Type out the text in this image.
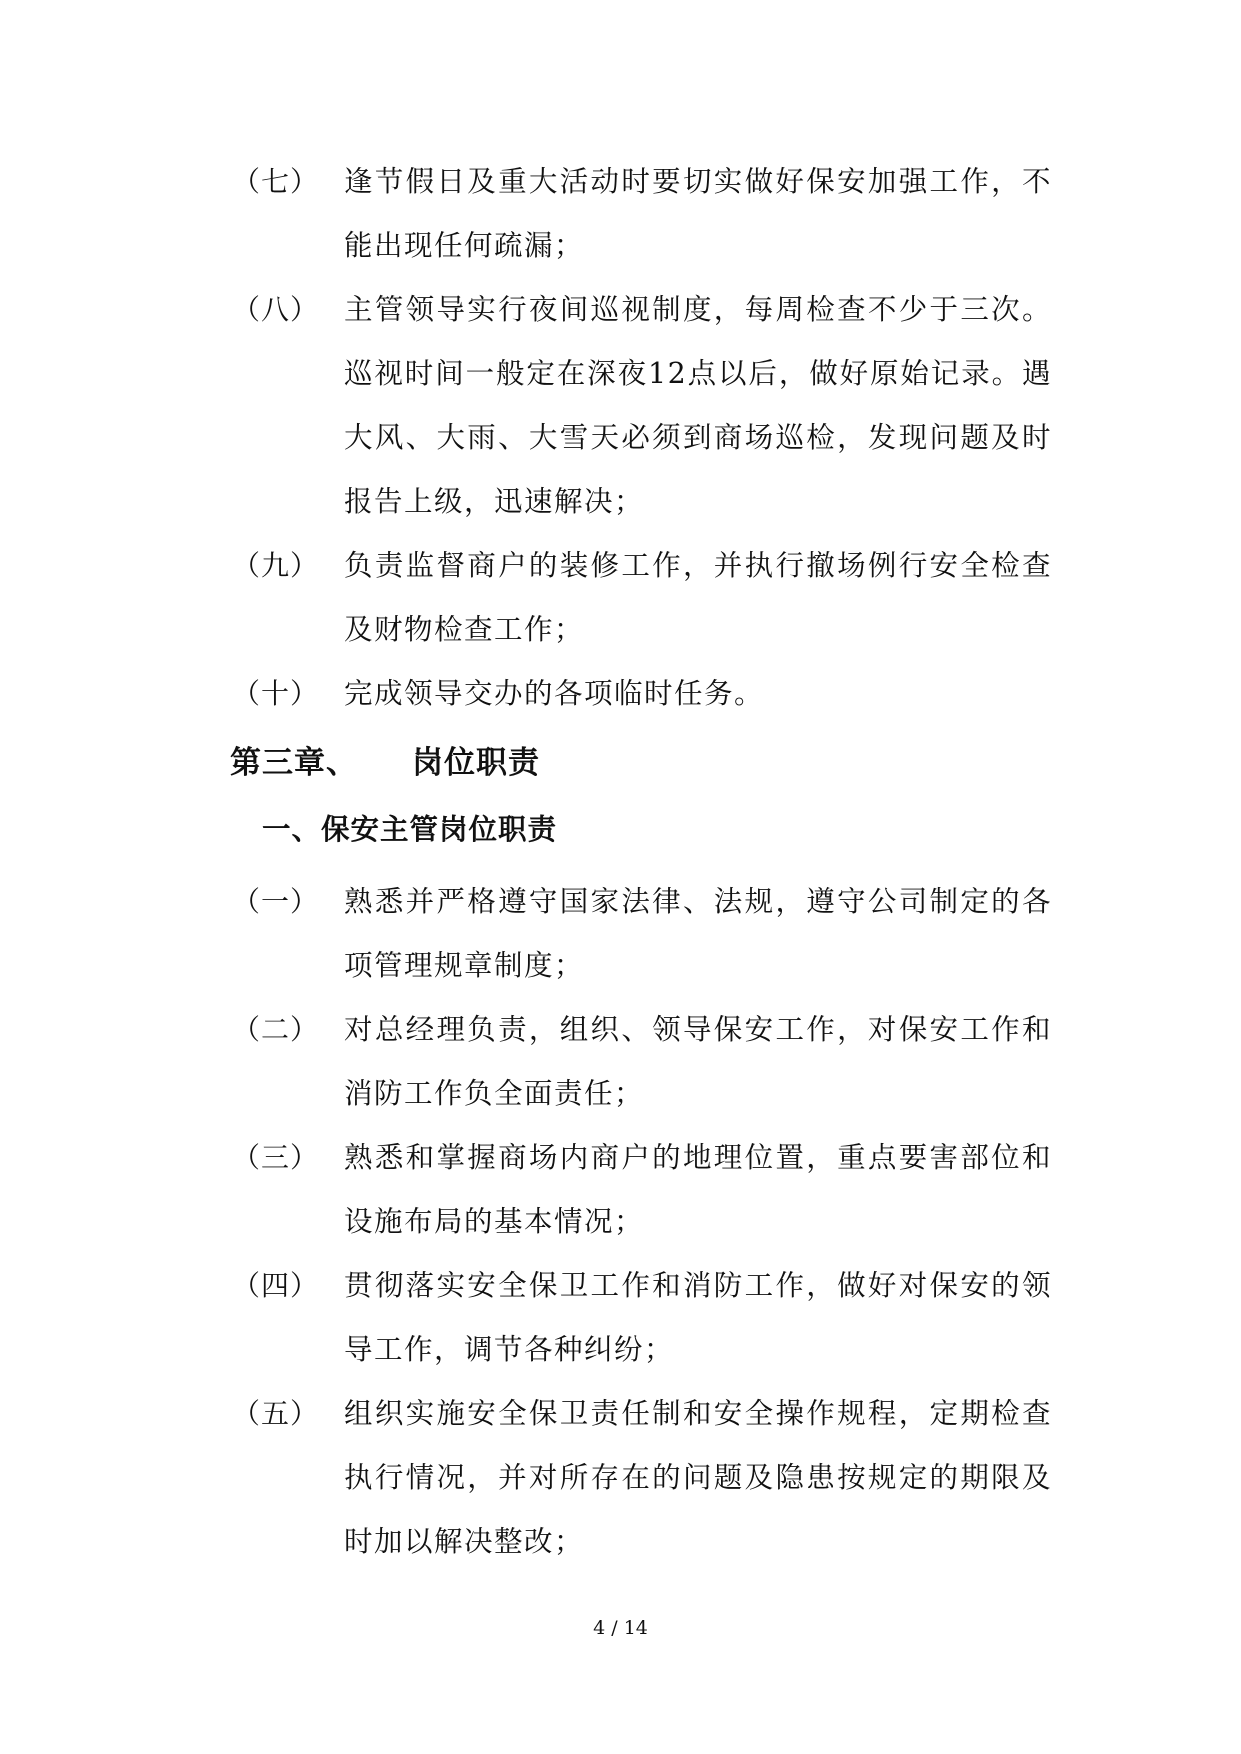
（七） 逢节假日及重大活动时要切实做好保安加强工作，不能出现任何疏漏；
（八） 主管领导实行夜间巡视制度，每周检查不少于三次。巡视时间一般定在深夜12点以后，做好原始记录。遇大风、大雨、大雪天必须到商场巡检，发现问题及时报告上级，迅速解决；
（九） 负责监督商户的装修工作，并执行撤场例行安全检查及财物检查工作；
（十） 完成领导交办的各项临时任务。
第三章、 岗位职责
一、保安主管岗位职责
（一） 熟悉并严格遵守国家法律、法规，遵守公司制定的各项管理规章制度；
（二） 对总经理负责，组织、领导保安工作，对保安工作和消防工作负全面责任；
（三） 熟悉和掌握商场内商户的地理位置，重点要害部位和设施布局的基本情况；
（四） 贯彻落实安全保卫工作和消防工作，做好对保安的领导工作，调节各种纠纷；
（五） 组织实施安全保卫责任制和安全操作规程，定期检查执行情况，并对所存在的问题及隐患按规定的期限及时加以解决整改；
4 / 14
